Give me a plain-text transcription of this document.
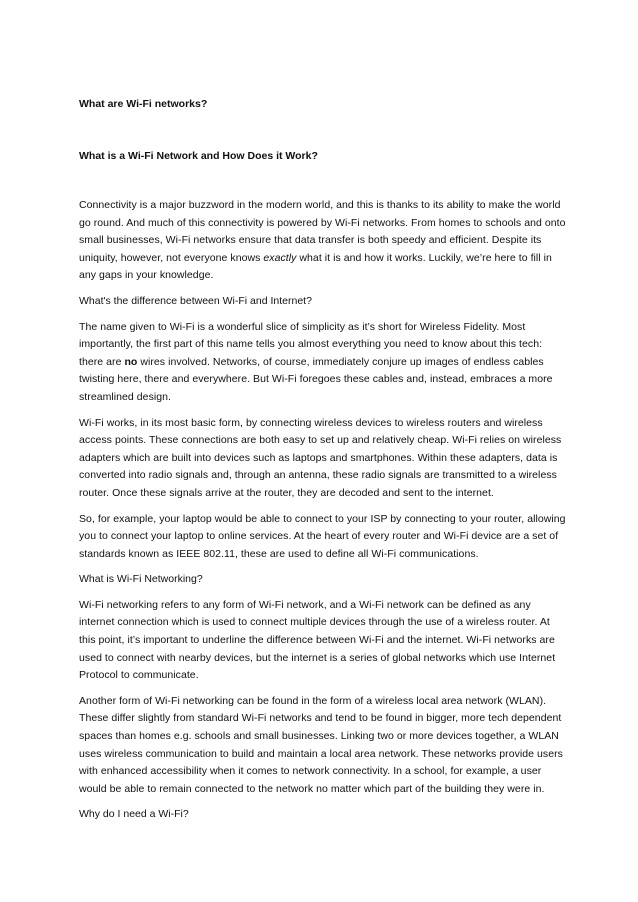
What are Wi-Fi networks?

What is a Wi-Fi Network and How Does it Work?

Connectivity is a major buzzword in the modern world, and this is thanks to its ability to make the world go round. And much of this connectivity is powered by Wi-Fi networks. From homes to schools and onto small businesses, Wi-Fi networks ensure that data transfer is both speedy and efficient. Despite its uniquity, however, not everyone knows exactly what it is and how it works. Luckily, we’re here to fill in any gaps in your knowledge.

What's the difference between Wi-Fi and Internet?

The name given to Wi-Fi is a wonderful slice of simplicity as it’s short for Wireless Fidelity. Most importantly, the first part of this name tells you almost everything you need to know about this tech: there are no wires involved. Networks, of course, immediately conjure up images of endless cables twisting here, there and everywhere. But Wi-Fi foregoes these cables and, instead, embraces a more streamlined design.

Wi-Fi works, in its most basic form, by connecting wireless devices to wireless routers and wireless access points. These connections are both easy to set up and relatively cheap. Wi-Fi relies on wireless adapters which are built into devices such as laptops and smartphones. Within these adapters, data is converted into radio signals and, through an antenna, these radio signals are transmitted to a wireless router. Once these signals arrive at the router, they are decoded and sent to the internet.

So, for example, your laptop would be able to connect to your ISP by connecting to your router, allowing you to connect your laptop to online services. At the heart of every router and Wi-Fi device are a set of standards known as IEEE 802.11, these are used to define all Wi-Fi communications.

What is Wi-Fi Networking?

Wi-Fi networking refers to any form of Wi-Fi network, and a Wi-Fi network can be defined as any internet connection which is used to connect multiple devices through the use of a wireless router. At this point, it’s important to underline the difference between Wi-Fi and the internet. Wi-Fi networks are used to connect with nearby devices, but the internet is a series of global networks which use Internet Protocol to communicate.

Another form of Wi-Fi networking can be found in the form of a wireless local area network (WLAN). These differ slightly from standard Wi-Fi networks and tend to be found in bigger, more tech dependent spaces than homes e.g. schools and small businesses. Linking two or more devices together, a WLAN uses wireless communication to build and maintain a local area network. These networks provide users with enhanced accessibility when it comes to network connectivity. In a school, for example, a user would be able to remain connected to the network no matter which part of the building they were in.

Why do I need a Wi-Fi?
